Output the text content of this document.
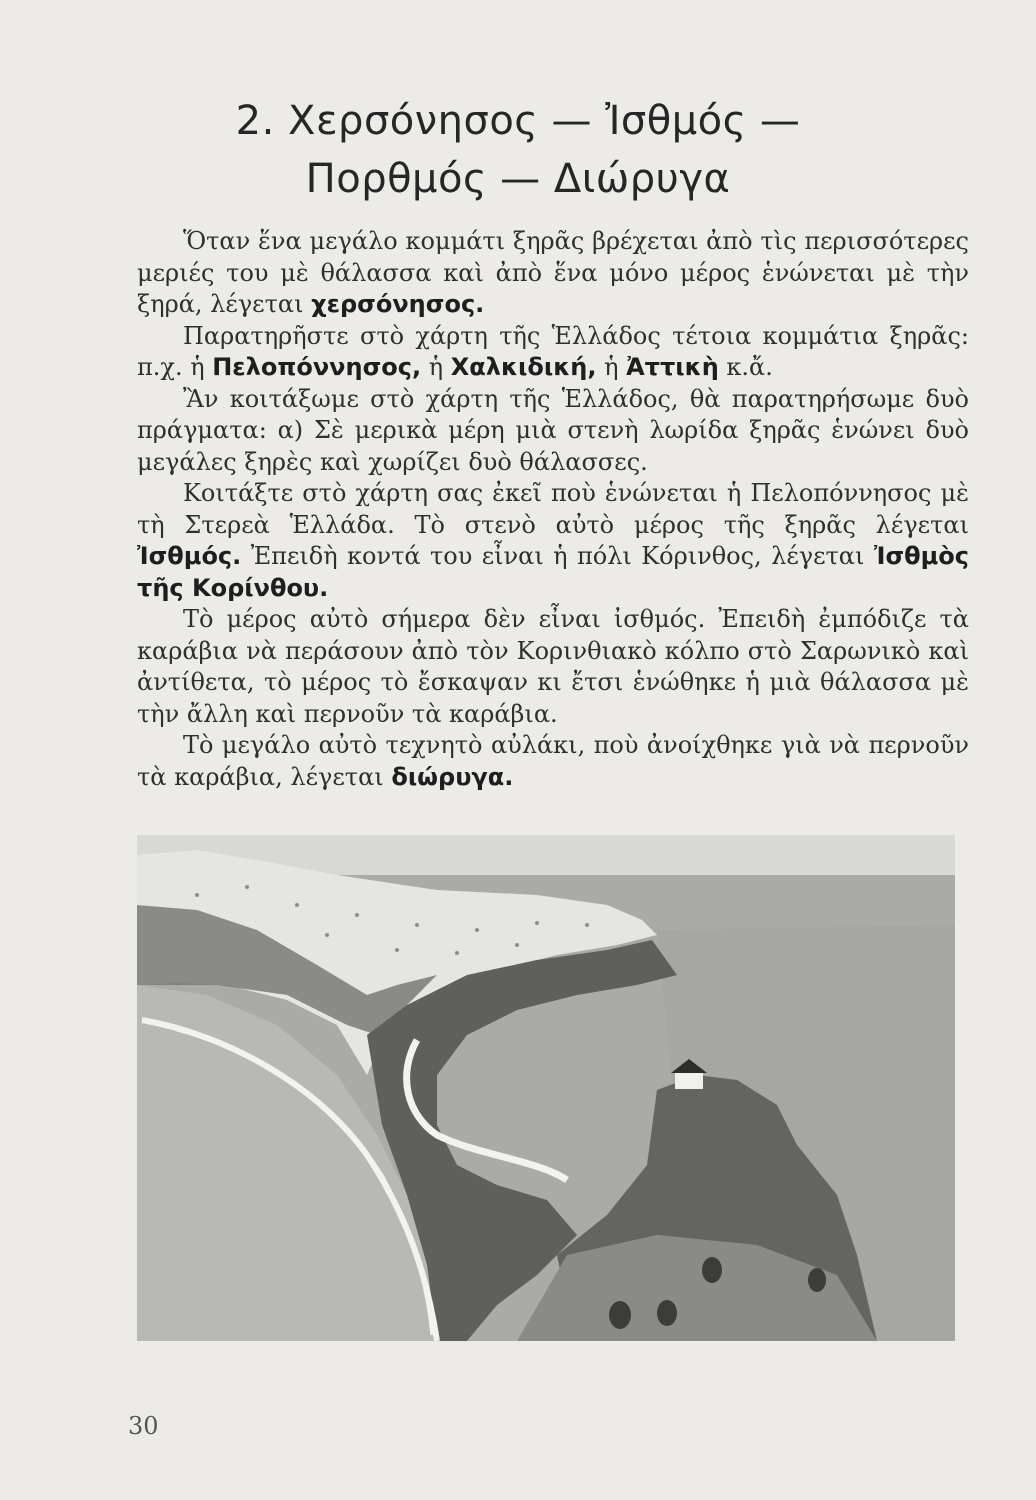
2. Χερσόνησος — Ἰσθμός —
Πορθμός — Διώρυγα

Ὅταν ἕνα μεγάλο κομμάτι ξηρᾶς βρέχεται ἀπὸ τὶς περισσότερες μεριές του μὲ θάλασσα καὶ ἀπὸ ἕνα μόνο μέρος ἑνώνεται μὲ τὴν ξηρά, λέγεται χερσόνησος.

Παρατηρῆστε στὸ χάρτη τῆς Ἑλλάδος τέτοια κομμάτια ξηρᾶς: π.χ. ἡ Πελοπόννησος, ἡ Χαλκιδική, ἡ Ἀττικὴ κ.ἄ.

Ἂν κοιτάξωμε στὸ χάρτη τῆς Ἑλλάδος, θὰ παρατηρήσωμε δυὸ πράγματα: α) Σὲ μερικὰ μέρη μιὰ στενὴ λωρίδα ξηρᾶς ἑνώνει δυὸ μεγάλες ξηρὲς καὶ χωρίζει δυὸ θάλασσες.

Κοιτάξτε στὸ χάρτη σας ἐκεῖ ποὺ ἑνώνεται ἡ Πελοπόννησος μὲ τὴ Στερεὰ Ἑλλάδα. Τὸ στενὸ αὐτὸ μέρος τῆς ξηρᾶς λέγεται Ἰσθμός. Ἐπειδὴ κοντά του εἶναι ἡ πόλι Κόρινθος, λέγεται Ἰσθμὸς τῆς Κορίνθου.

Τὸ μέρος αὐτὸ σήμερα δὲν εἶναι ἰσθμός. Ἐπειδὴ ἐμπόδιζε τὰ καράβια νὰ περάσουν ἀπὸ τὸν Κορινθιακὸ κόλπο στὸ Σαρωνικὸ καὶ ἀντίθετα, τὸ μέρος τὸ ἔσκαψαν κι ἔτσι ἑνώθηκε ἡ μιὰ θάλασσα μὲ τὴν ἄλλη καὶ περνοῦν τὰ καράβια.

Τὸ μεγάλο αὐτὸ τεχνητὸ αὐλάκι, ποὺ ἀνοίχθηκε γιὰ νὰ περνοῦν τὰ καράβια, λέγεται διώρυγα.

30
